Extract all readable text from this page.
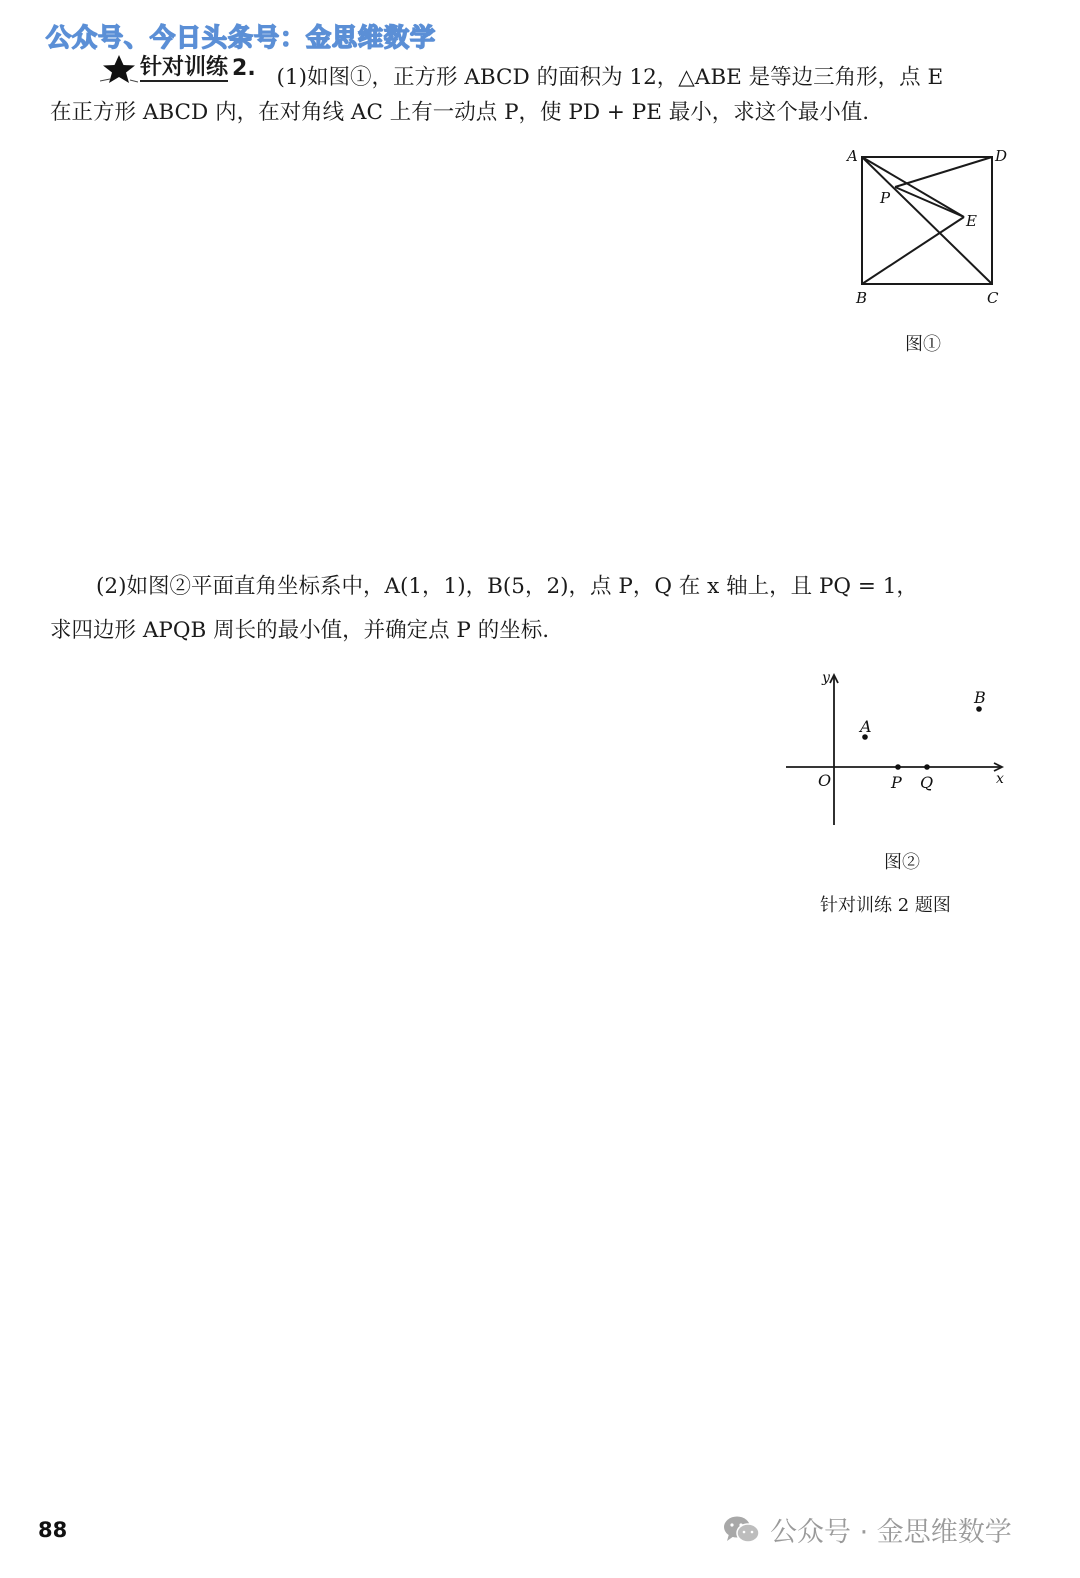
公众号、今日头条号：金思维数学
针对训练 2. (1)如图①，正方形 ABCD 的面积为 12，△ABE 是等边三角形，点 E
在正方形 ABCD 内，在对角线 AC 上有一动点 P，使 PD + PE 最小，求这个最小值.
A	D
P
E
B	C
图①
(2)如图②平面直角坐标系中，A(1，1)，B(5，2)，点 P，Q 在 x 轴上，且 PQ = 1，
求四边形 APQB 周长的最小值，并确定点 P 的坐标.
y
x
O
A
B
P Q
图②
针对训练 2 题图
88	公众号 · 金思维数学
